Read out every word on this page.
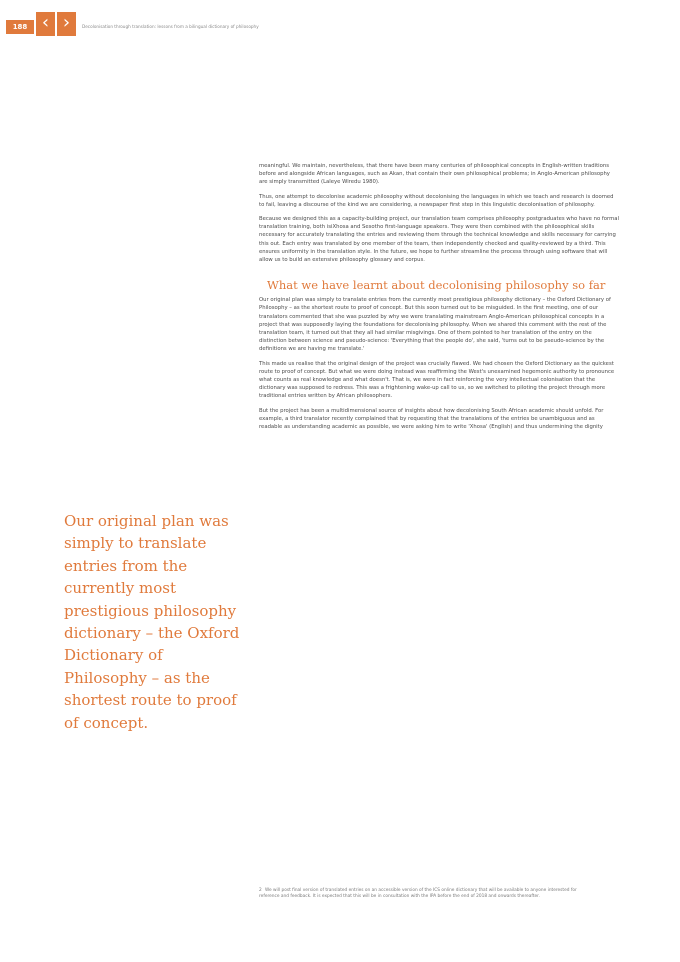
188 ‹ ›	Decolonisation through translation: lessons from a bilingual dictionary of philosophy
Our original plan was simply to translate entries from the currently most prestigious philosophy dictionary – the Oxford Dictionary of Philosophy – as the shortest route to proof of concept.

meaningful. We maintain, nevertheless, that there have been many centuries of philosophical concepts in English-written traditions before and alongside African languages, such as Akan, that contain their own philosophical problems; in Anglo-American philosophy are simply transmitted (Laleye Wiredu 1980).

Thus, one attempt to decolonise academic philosophy without decolonising the languages in which we teach and research is doomed to fail, leaving a discourse of the kind we are considering, a newspaper first step in this linguistic decolonisation of philosophy.

Because we designed this as a capacity-building project, our translation team comprises philosophy postgraduates who have no formal translation training, both isiXhosa and Sesotho first-language speakers. They were then combined with the philosophical skills necessary for accurately translating the entries and reviewing them through the technical knowledge and skills necessary for carrying this out. Each entry was translated by one member of the team, then independently checked and quality-reviewed by a third. This ensures uniformity in the translation style. In the future, we hope to further streamline the process through using software that will allow us to build an extensive philosophy glossary and corpus.

What we have learnt about decolonising philosophy so far

Our original plan was simply to translate entries from the currently most prestigious philosophy dictionary – the Oxford Dictionary of Philosophy – as the shortest route to proof of concept. But this soon turned out to be misguided. In the first meeting, one of our translators commented that she was puzzled by why we were translating mainstream Anglo-American philosophical concepts in a project that was supposedly laying the foundations for decolonising philosophy. When we shared this comment with the rest of the translation team, it turned out that they all had similar misgivings. One of them pointed to her translation of the entry on the distinction between science and pseudo-science: 'Everything that the people do', she said, 'turns out to be pseudo-science by the definitions we are having me translate.'

This made us realise that the original design of the project was crucially flawed. We had chosen the Oxford Dictionary as the quickest route to proof of concept. But what we were doing instead was reaffirming the West's unexamined hegemonic authority to pronounce what counts as real knowledge and what doesn't. That is, we were in fact reinforcing the very intellectual colonisation that the dictionary was supposed to redress. This was a frightening wake-up call to us, so we switched to piloting the project through more traditional entries written by African philosophers.

But the project has been a multidimensional source of insights about how decolonising South African academic should unfold. For example, a third translator recently complained that by requesting that the translations of the entries be unambiguous and as readable as understanding academic as possible, we were asking him to write 'Xhosa' (English) and thus undermining the dignity

2 We will post final version of translated entries on an accessible version of the ICS online dictionary that will be available to anyone interested for reference and feedback. It is expected that this will be in consultation with the IPA before the end of 2018 and onwards thereafter.
